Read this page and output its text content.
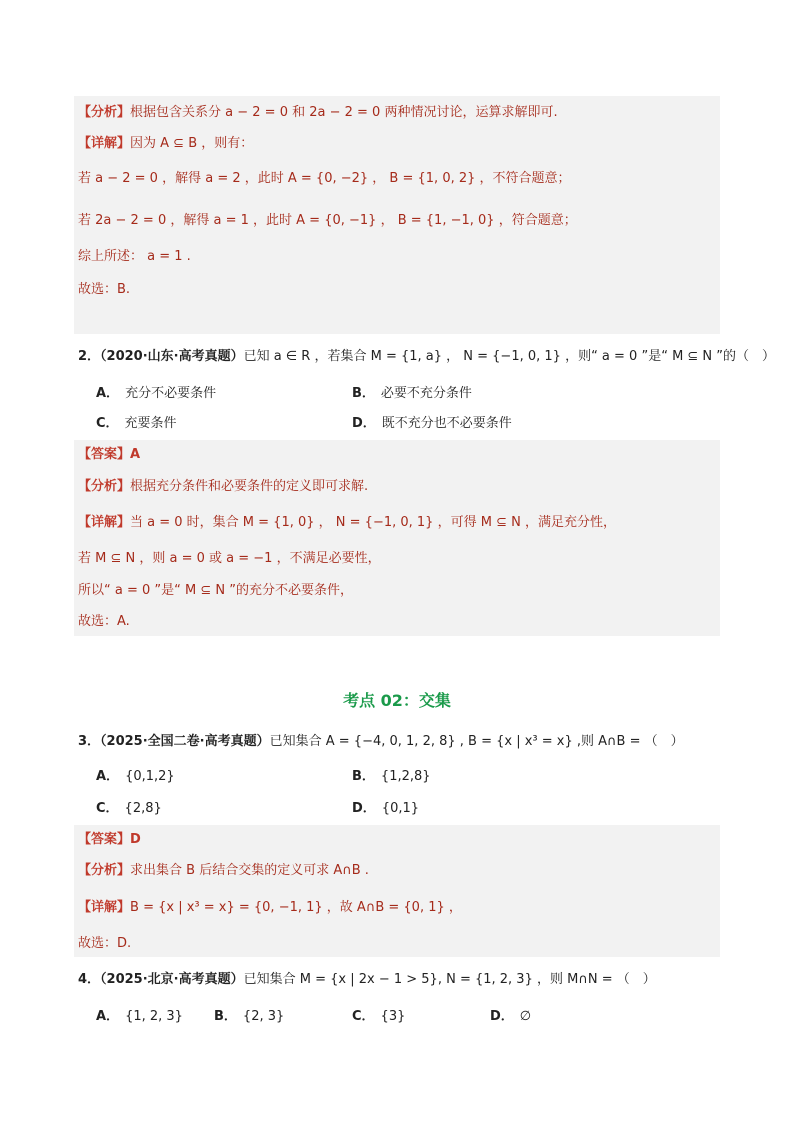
【分析】根据包含关系分 a − 2 = 0 和 2a − 2 = 0 两种情况讨论，运算求解即可.
【详解】因为 A ⊆ B ，则有：
若 a − 2 = 0 ，解得 a = 2 ，此时 A = {0, −2} ， B = {1, 0, 2} ，不符合题意；
若 2a − 2 = 0 ，解得 a = 1 ，此时 A = {0, −1} ， B = {1, −1, 0} ，符合题意；
综上所述： a = 1 .
故选：B.
2．（2020·山东·高考真题）已知 a ∈ R ，若集合 M = {1, a} ， N = {−1, 0, 1} ，则“ a = 0 ”是“ M ⊆ N ”的（　）
A． 充分不必要条件	B． 必要不充分条件
C． 充要条件	D． 既不充分也不必要条件
【答案】A
【分析】根据充分条件和必要条件的定义即可求解.
【详解】当 a = 0 时，集合 M = {1, 0} ， N = {−1, 0, 1} ，可得 M ⊆ N ，满足充分性，
若 M ⊆ N ，则 a = 0 或 a = −1 ，不满足必要性，
所以“ a = 0 ”是“ M ⊆ N ”的充分不必要条件，
故选：A.
考点 02：交集
3．（2025·全国二卷·高考真题）已知集合 A = {−4, 0, 1, 2, 8} , B = {x | x³ = x} ,则 A∩B = （　）
A． {0,1,2}	B． {1,2,8}
C． {2,8}	D． {0,1}
【答案】D
【分析】求出集合 B 后结合交集的定义可求 A∩B .
【详解】B = {x | x³ = x} = {0, −1, 1} ，故 A∩B = {0, 1} ，
故选：D.
4．（2025·北京·高考真题）已知集合 M = {x | 2x − 1 > 5}, N = {1, 2, 3} ，则 M∩N = （　）
A． {1, 2, 3} B． {2, 3}	C． {3}	D． ∅
